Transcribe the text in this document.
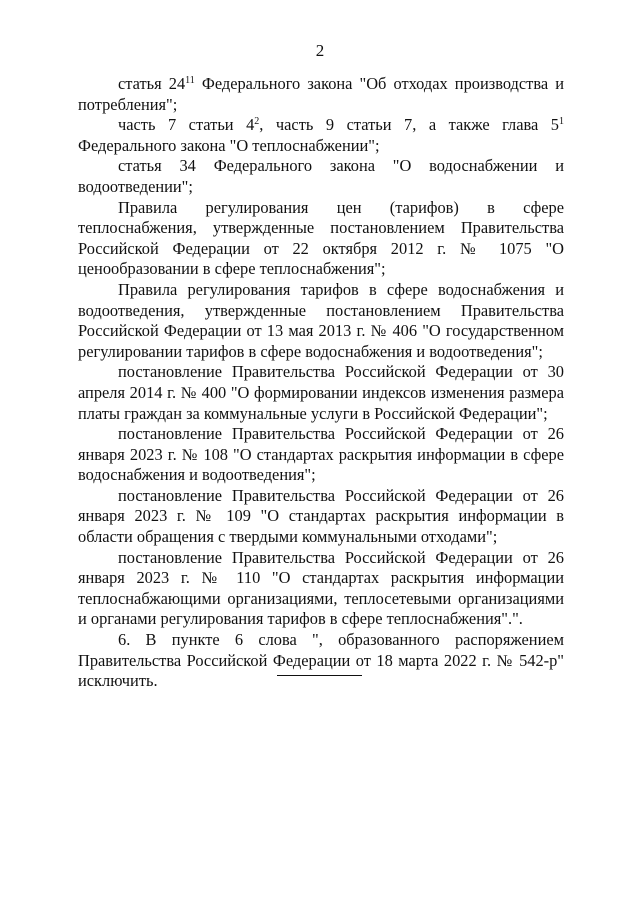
2

статья $24^{11}$ Федерального закона "Об отходах производства и потребления";

часть 7 статьи $4^2$, часть 9 статьи 7, а также глава $5^1$ Федерального закона "О теплоснабжении";

статья 34 Федерального закона "О водоснабжении и водоотведении";

Правила регулирования цен (тарифов) в сфере теплоснабжения, утвержденные постановлением Правительства Российской Федерации от 22 октября 2012 г. № 1075 "О ценообразовании в сфере теплоснабжения";

Правила регулирования тарифов в сфере водоснабжения и водоотведения, утвержденные постановлением Правительства Российской Федерации от 13 мая 2013 г. № 406 "О государственном регулировании тарифов в сфере водоснабжения и водоотведения";

постановление Правительства Российской Федерации от 30 апреля 2014 г. № 400 "О формировании индексов изменения размера платы граждан за коммунальные услуги в Российской Федерации";

постановление Правительства Российской Федерации от 26 января 2023 г. № 108 "О стандартах раскрытия информации в сфере водоснабжения и водоотведения";

постановление Правительства Российской Федерации от 26 января 2023 г. № 109 "О стандартах раскрытия информации в области обращения с твердыми коммунальными отходами";

постановление Правительства Российской Федерации от 26 января 2023 г. № 110 "О стандартах раскрытия информации теплоснабжающими организациями, теплосетевыми организациями и органами регулирования тарифов в сфере теплоснабжения".".

6. В пункте 6 слова ", образованного распоряжением Правительства Российской Федерации от 18 марта 2022 г. № 542-р" исключить.
